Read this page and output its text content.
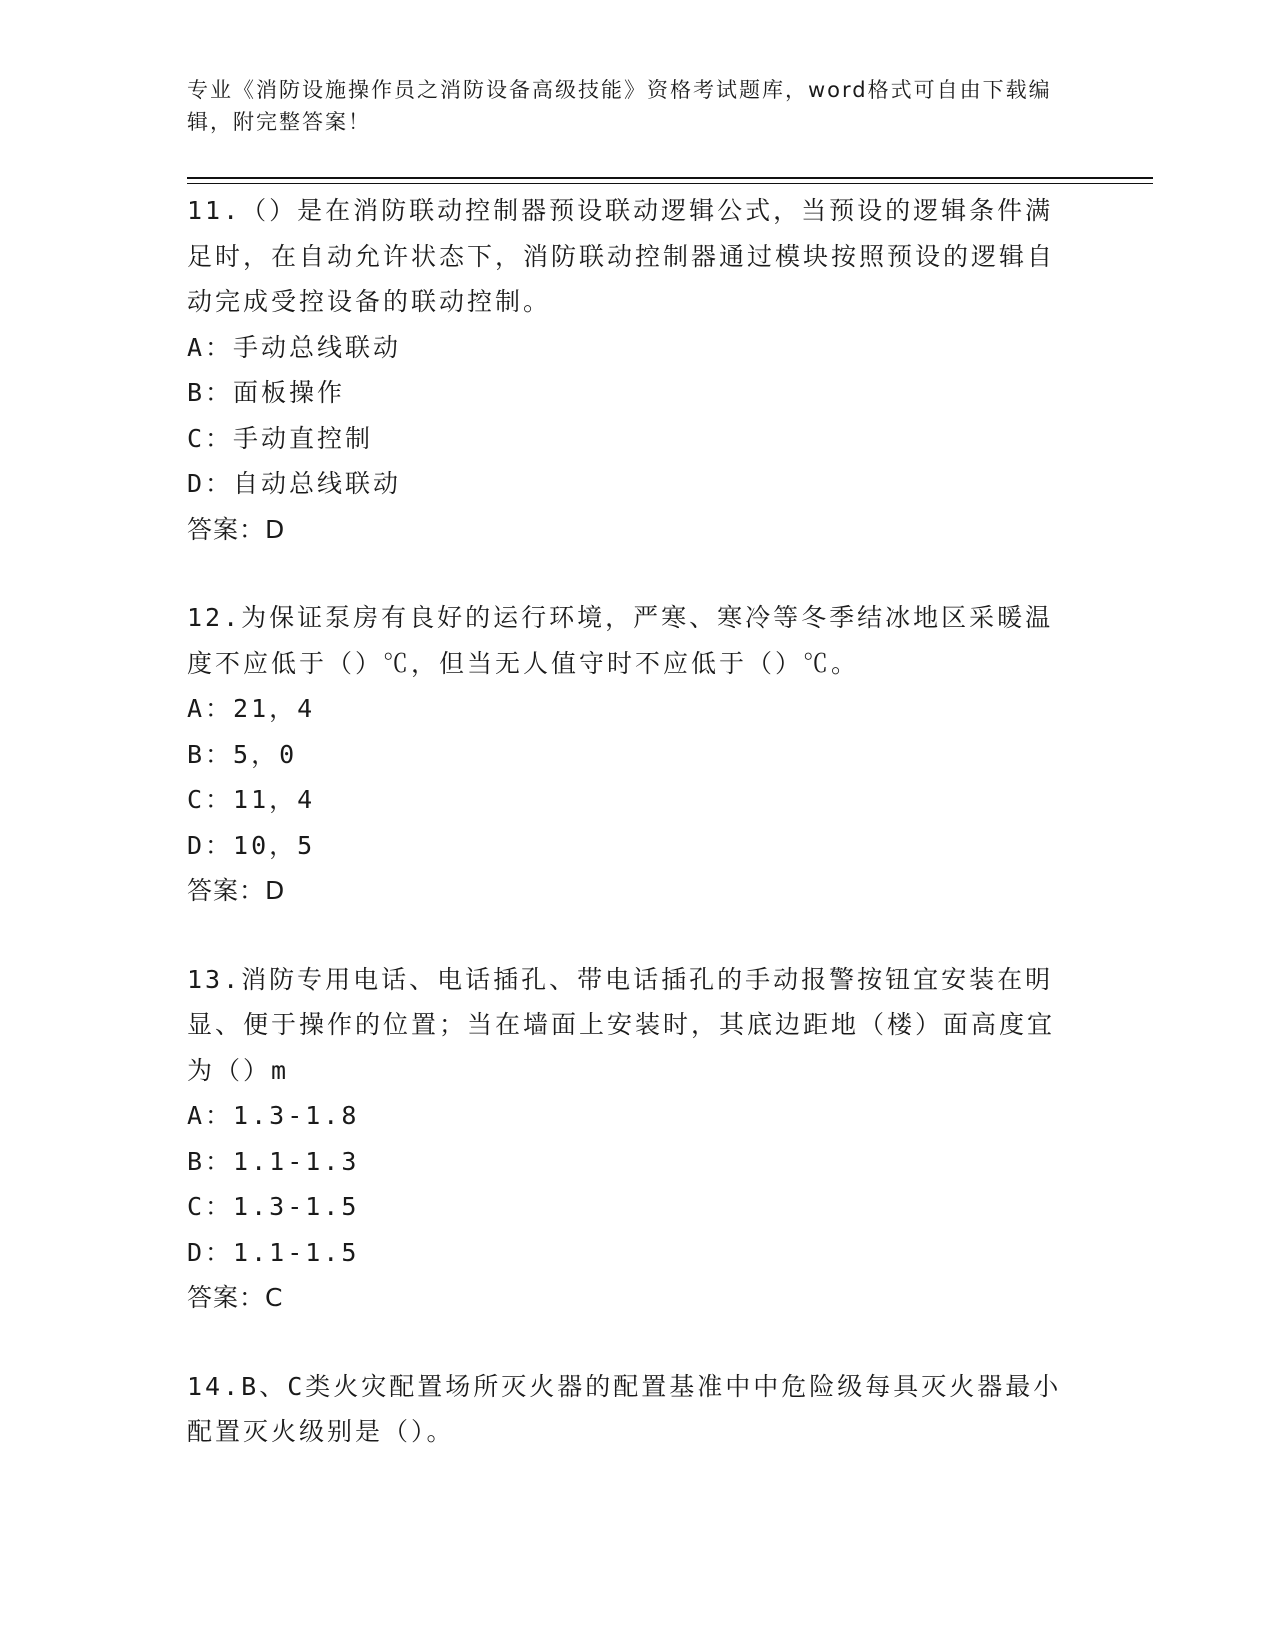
专业《消防设施操作员之消防设备高级技能》资格考试题库，word格式可自由下载编辑，附完整答案！

11.（）是在消防联动控制器预设联动逻辑公式，当预设的逻辑条件满足时，在自动允许状态下，消防联动控制器通过模块按照预设的逻辑自动完成受控设备的联动控制。

A：手动总线联动

B：面板操作

C：手动直控制

D：自动总线联动

答案：D

12.为保证泵房有良好的运行环境，严寒、寒冷等冬季结冰地区采暖温度不应低于（）℃，但当无人值守时不应低于（）℃。

A：21，4

B：5，0

C：11，4

D：10，5

答案：D

13.消防专用电话、电话插孔、带电话插孔的手动报警按钮宜安装在明显、便于操作的位置；当在墙面上安装时，其底边距地（楼）面高度宜为（）m

A：1.3-1.8

B：1.1-1.3

C：1.3-1.5

D：1.1-1.5

答案：C

14.B、C类火灾配置场所灭火器的配置基准中中危险级每具灭火器最小配置灭火级别是（）。
